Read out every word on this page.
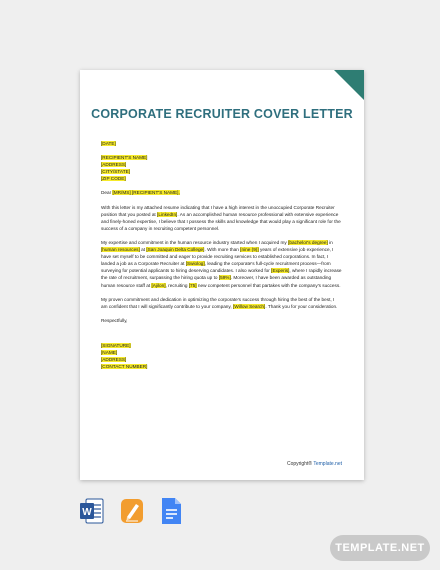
CORPORATE RECRUITER COVER LETTER
[DATE]
[RECIPIENT'S NAME]
[ADDRESS]
[CITY/STATE]
[ZIP CODE]

Dear [MR/MS] [RECIPIENT'S NAME],

With this letter is my attached resume indicating that I have a high interest in the unoccupied Corporate Recruiter position that you posted at [LinkedIn]. As an accomplished human resource professional with extensive experience and finely-honed expertise, I believe that I possess the skills and knowledge that would play a significant role for the success of a company in recruiting competent personnel.

My expertise and commitment in the human resource industry started when I acquired my [bachelor's degree] in [human resources] at [San Joaquin Delta College]. With more than [nine (9)] years of extensive job experience, I have set myself to be committed and eager to provide recruiting services to established corporations. In fact, I landed a job as a Corporate Recruiter at [Swiolog], leading the corporate's full-cycle recruitment process—from surveying for potential applicants to hiring deserving candidates. I also worked for [Experis], where I rapidly increase the rate of recruitment, surpassing the hiring quota up to [59%]. Moreover, I have been awarded as outstanding human resource staff at [Ajilon], recruiting [75] new competent personnel that partakes with the company's success.

My proven commitment and dedication in optimizing the corporate's success through hiring the best of the best, I am confident that I will significantly contribute to your company, [Willow Search]. Thank you for your consideration.

Respectfully,

[SIGNATURE]
[NAME]
[ADDRESS]
[CONTACT NUMBER]
Copyright® Template.net
W
TEMPLATE.NET
